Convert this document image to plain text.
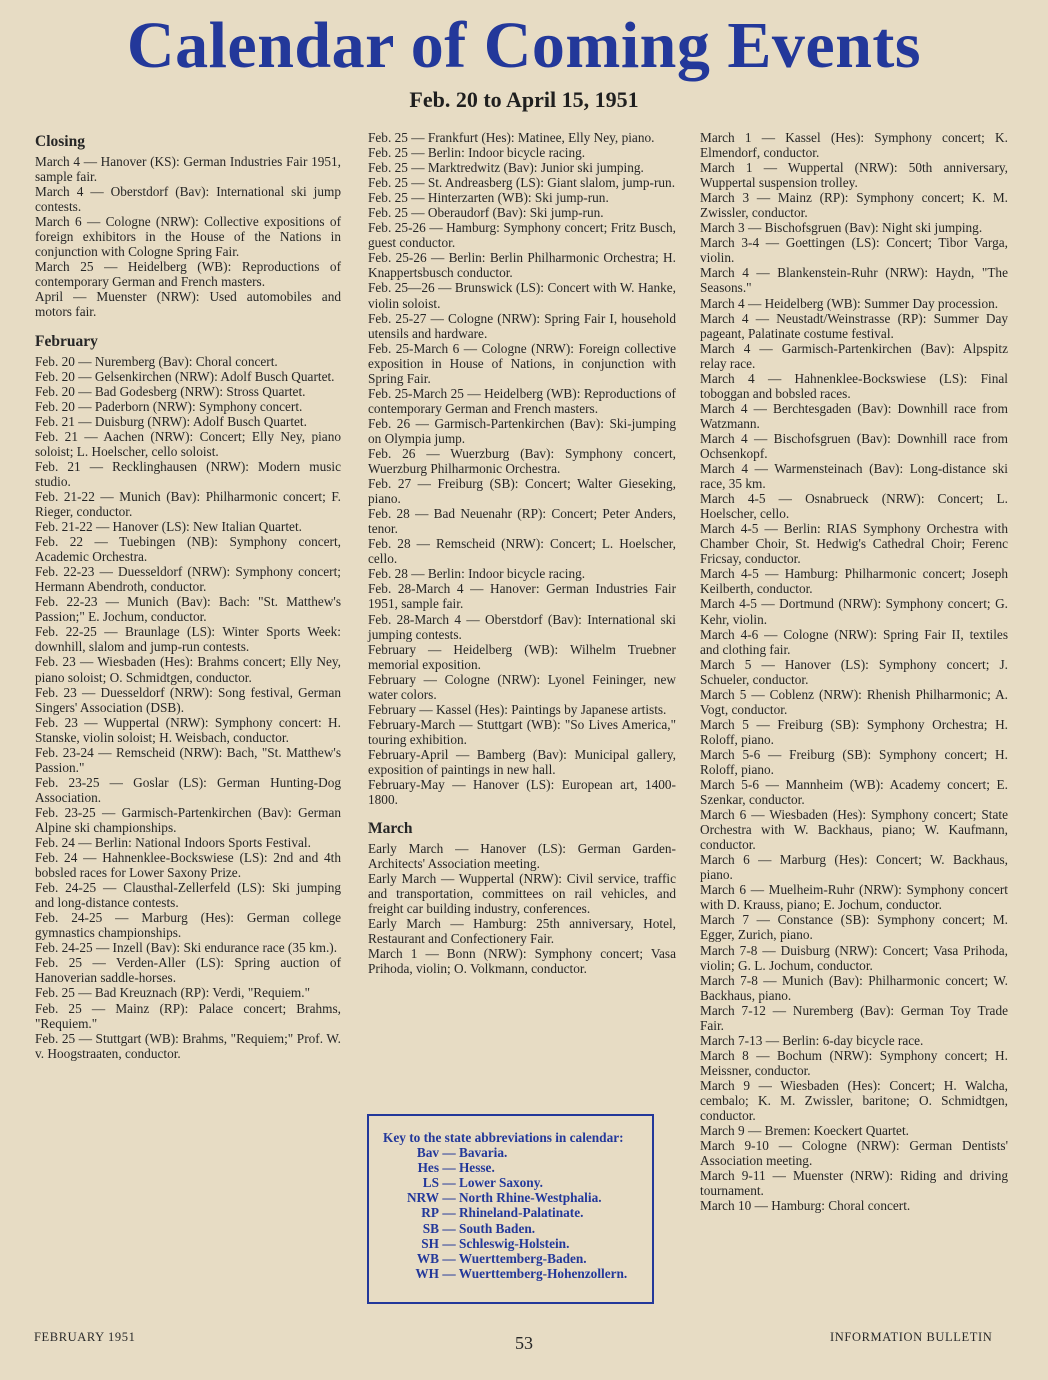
Calendar of Coming Events
Feb. 20 to April 15, 1951
Closing
March 4 — Hanover (KS): German Industries Fair 1951, sample fair.
March 4 — Oberstdorf (Bav): International ski jump contests.
March 6 — Cologne (NRW): Collective expositions of foreign exhibitors in the House of the Nations in conjunction with Cologne Spring Fair.
March 25 — Heidelberg (WB): Reproductions of contemporary German and French masters.
April — Muenster (NRW): Used automobiles and motors fair.
February
Feb. 20 — Nuremberg (Bav): Choral concert.
Feb. 20 — Gelsenkirchen (NRW): Adolf Busch Quartet.
Feb. 20 — Bad Godesberg (NRW): Stross Quartet.
Feb. 20 — Paderborn (NRW): Symphony concert.
Feb. 21 — Duisburg (NRW): Adolf Busch Quartet.
Feb. 21 — Aachen (NRW): Concert; Elly Ney, piano soloist; L. Hoelscher, cello soloist.
Feb. 21 — Recklinghausen (NRW): Modern music studio.
Feb. 21-22 — Munich (Bav): Philharmonic concert; F. Rieger, conductor.
Feb. 21-22 — Hanover (LS): New Italian Quartet.
Feb. 22 — Tuebingen (NB): Symphony concert, Academic Orchestra.
Feb. 22-23 — Duesseldorf (NRW): Symphony concert; Hermann Abendroth, conductor.
Feb. 22-23 — Munich (Bav): Bach: "St. Matthew's Passion;" E. Jochum, conductor.
Feb. 22-25 — Braunlage (LS): Winter Sports Week: downhill, slalom and jump-run contests.
Feb. 23 — Wiesbaden (Hes): Brahms concert; Elly Ney, piano soloist; O. Schmidtgen, conductor.
Feb. 23 — Duesseldorf (NRW): Song festival, German Singers' Association (DSB).
Feb. 23 — Wuppertal (NRW): Symphony concert: H. Stanske, violin soloist; H. Weisbach, conductor.
Feb. 23-24 — Remscheid (NRW): Bach, "St. Matthew's Passion."
Feb. 23-25 — Goslar (LS): German Hunting-Dog Association.
Feb. 23-25 — Garmisch-Partenkirchen (Bav): German Alpine ski championships.
Feb. 24 — Berlin: National Indoors Sports Festival.
Feb. 24 — Hahnenklee-Bockswiese (LS): 2nd and 4th bobsled races for Lower Saxony Prize.
Feb. 24-25 — Clausthal-Zellerfeld (LS): Ski jumping and long-distance contests.
Feb. 24-25 — Marburg (Hes): German college gymnastics championships.
Feb. 24-25 — Inzell (Bav): Ski endurance race (35 km.).
Feb. 25 — Verden-Aller (LS): Spring auction of Hanoverian saddle-horses.
Feb. 25 — Bad Kreuznach (RP): Verdi, "Requiem."
Feb. 25 — Mainz (RP): Palace concert; Brahms, "Requiem."
Feb. 25 — Stuttgart (WB): Brahms, "Requiem;" Prof. W. v. Hoogstraaten, conductor.
Feb. 25 — Frankfurt (Hes): Matinee, Elly Ney, piano.
Feb. 25 — Berlin: Indoor bicycle racing.
Feb. 25 — Marktredwitz (Bav): Junior ski jumping.
Feb. 25 — St. Andreasberg (LS): Giant slalom, jump-run.
Feb. 25 — Hinterzarten (WB): Ski jump-run.
Feb. 25 — Oberaudorf (Bav): Ski jump-run.
Feb. 25-26 — Hamburg: Symphony concert; Fritz Busch, guest conductor.
Feb. 25-26 — Berlin: Berlin Philharmonic Orchestra; H. Knappertsbusch conductor.
Feb. 25—26 — Brunswick (LS): Concert with W. Hanke, violin soloist.
Feb. 25-27 — Cologne (NRW): Spring Fair I, household utensils and hardware.
Feb. 25-March 6 — Cologne (NRW): Foreign collective exposition in House of Nations, in conjunction with Spring Fair.
Feb. 25-March 25 — Heidelberg (WB): Reproductions of contemporary German and French masters.
Feb. 26 — Garmisch-Partenkirchen (Bav): Ski-jumping on Olympia jump.
Feb. 26 — Wuerzburg (Bav): Symphony concert, Wuerzburg Philharmonic Orchestra.
Feb. 27 — Freiburg (SB): Concert; Walter Gieseking, piano.
Feb. 28 — Bad Neuenahr (RP): Concert; Peter Anders, tenor.
Feb. 28 — Remscheid (NRW): Concert; L. Hoelscher, cello.
Feb. 28 — Berlin: Indoor bicycle racing.
Feb. 28-March 4 — Hanover: German Industries Fair 1951, sample fair.
Feb. 28-March 4 — Oberstdorf (Bav): International ski jumping contests.
February — Heidelberg (WB): Wilhelm Truebner memorial exposition.
February — Cologne (NRW): Lyonel Feininger, new water colors.
February — Kassel (Hes): Paintings by Japanese artists.
February-March — Stuttgart (WB): "So Lives America," touring exhibition.
February-April — Bamberg (Bav): Municipal gallery, exposition of paintings in new hall.
February-May — Hanover (LS): European art, 1400-1800.
March
Early March — Hanover (LS): German Garden-Architects' Association meeting.
Early March — Wuppertal (NRW): Civil service, traffic and transportation, committees on rail vehicles, and freight car building industry, conferences.
Early March — Hamburg: 25th anniversary, Hotel, Restaurant and Confectionery Fair.
March 1 — Bonn (NRW): Symphony concert; Vasa Prihoda, violin; O. Volkmann, conductor.
Key to the state abbreviations in calendar:
Bav — Bavaria.
Hes — Hesse.
LS — Lower Saxony.
NRW — North Rhine-Westphalia.
RP — Rhineland-Palatinate.
SB — South Baden.
SH — Schleswig-Holstein.
WB — Wuerttemberg-Baden.
WH — Wuerttemberg-Hohenzollern.
March 1 — Kassel (Hes): Symphony concert; K. Elmendorf, conductor.
March 1 — Wuppertal (NRW): 50th anniversary, Wuppertal suspension trolley.
March 3 — Mainz (RP): Symphony concert; K. M. Zwissler, conductor.
March 3 — Bischofsgruen (Bav): Night ski jumping.
March 3-4 — Goettingen (LS): Concert; Tibor Varga, violin.
March 4 — Blankenstein-Ruhr (NRW): Haydn, "The Seasons."
March 4 — Heidelberg (WB): Summer Day procession.
March 4 — Neustadt/Weinstrasse (RP): Summer Day pageant, Palatinate costume festival.
March 4 — Garmisch-Partenkirchen (Bav): Alpspitz relay race.
March 4 — Hahnenklee-Bockswiese (LS): Final toboggan and bobsled races.
March 4 — Berchtesgaden (Bav): Downhill race from Watzmann.
March 4 — Bischofsgruen (Bav): Downhill race from Ochsenkopf.
March 4 — Warmensteinach (Bav): Long-distance ski race, 35 km.
March 4-5 — Osnabrueck (NRW): Concert; L. Hoelscher, cello.
March 4-5 — Berlin: RIAS Symphony Orchestra with Chamber Choir, St. Hedwig's Cathedral Choir; Ferenc Fricsay, conductor.
March 4-5 — Hamburg: Philharmonic concert; Joseph Keilberth, conductor.
March 4-5 — Dortmund (NRW): Symphony concert; G. Kehr, violin.
March 4-6 — Cologne (NRW): Spring Fair II, textiles and clothing fair.
March 5 — Hanover (LS): Symphony concert; J. Schueler, conductor.
March 5 — Coblenz (NRW): Rhenish Philharmonic; A. Vogt, conductor.
March 5 — Freiburg (SB): Symphony Orchestra; H. Roloff, piano.
March 5-6 — Freiburg (SB): Symphony concert; H. Roloff, piano.
March 5-6 — Mannheim (WB): Academy concert; E. Szenkar, conductor.
March 6 — Wiesbaden (Hes): Symphony concert; State Orchestra with W. Backhaus, piano; W. Kaufmann, conductor.
March 6 — Marburg (Hes): Concert; W. Backhaus, piano.
March 6 — Muelheim-Ruhr (NRW): Symphony concert with D. Krauss, piano; E. Jochum, conductor.
March 7 — Constance (SB): Symphony concert; M. Egger, Zurich, piano.
March 7-8 — Duisburg (NRW): Concert; Vasa Prihoda, violin; G. L. Jochum, conductor.
March 7-8 — Munich (Bav): Philharmonic concert; W. Backhaus, piano.
March 7-12 — Nuremberg (Bav): German Toy Trade Fair.
March 7-13 — Berlin: 6-day bicycle race.
March 8 — Bochum (NRW): Symphony concert; H. Meissner, conductor.
March 9 — Wiesbaden (Hes): Concert; H. Walcha, cembalo; K. M. Zwissler, baritone; O. Schmidtgen, conductor.
March 9 — Bremen: Koeckert Quartet.
March 9-10 — Cologne (NRW): German Dentists' Association meeting.
March 9-11 — Muenster (NRW): Riding and driving tournament.
March 10 — Hamburg: Choral concert.
FEBRUARY 1951	53	INFORMATION BULLETIN
